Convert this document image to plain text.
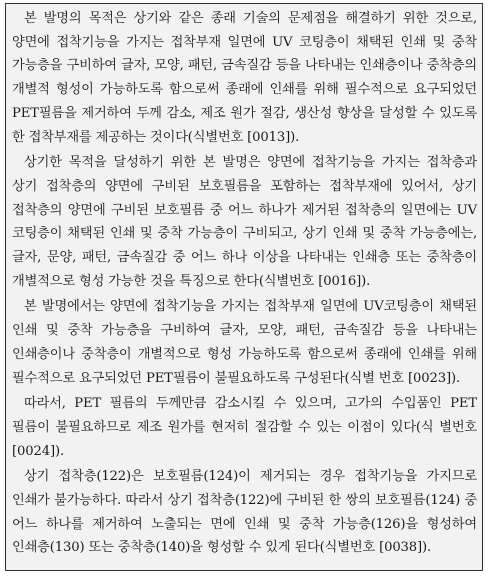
본 발명의 목적은 상기와 같은 종래 기술의 문제점을 해결하기 위한 것으로, 양면에 접착기능을 가지는 접착부재 일면에 UV 코팅층이 채택된 인쇄 및 중착 가능층을 구비하여 글자, 모양, 패턴, 금속질감 등을 나타내는 인쇄층이나 중착층의 개별적 형성이 가능하도록 함으로써 종래에 인쇄를 위해 필수적으로 요구되었던 PET필름을 제거하여 두께 감소, 제조 원가 절감, 생산성 향상을 달성할 수 있도록 한 접착부재를 제공하는 것이다(식별번호 [0013]).

상기한 목적을 달성하기 위한 본 발명은 양면에 접착기능을 가지는 접착층과 상기 접착층의 양면에 구비된 보호필름을 포함하는 접착부재에 있어서, 상기 접착층의 양면에 구비된 보호필름 중 어느 하나가 제거된 접착층의 일면에는 UV 코팅층이 채택된 인쇄 및 중착 가능층이 구비되고, 상기 인쇄 및 중착 가능층에는, 글자, 문양, 패턴, 금속질감 중 어느 하나 이상을 나타내는 인쇄층 또는 중착층이 개별적으로 형성 가능한 것을 특징으로 한다(식별번호 [0016]).

본 발명에서는 양면에 접착기능을 가지는 접착부재 일면에 UV코팅층이 채택된 인쇄 및 중착 가능층을 구비하여 글자, 모양, 패턴, 금속질감 등을 나타내는 인쇄층이나 중착층이 개별적으로 형성 가능하도록 함으로써 종래에 인쇄를 위해 필수적으로 요구되었던 PET필름이 불필요하도록 구성된다(식별 번호 [0023]).

따라서, PET 필름의 두께만큼 감소시킬 수 있으며, 고가의 수입품인 PET 필름이 불필요하므로 제조 원가를 현저히 절감할 수 있는 이점이 있다(식 별번호 [0024]).

상기 접착층(122)은 보호필름(124)이 제거되는 경우 접착기능을 가지므로 인쇄가 불가능하다. 따라서 상기 접착층(122)에 구비된 한 쌍의 보호필름(124) 중 어느 하나를 제거하여 노출되는 면에 인쇄 및 중착 가능층(126)을 형성하여 인쇄층(130) 또는 중착층(140)을 형성할 수 있게 된다(식별번호 [0038]).
